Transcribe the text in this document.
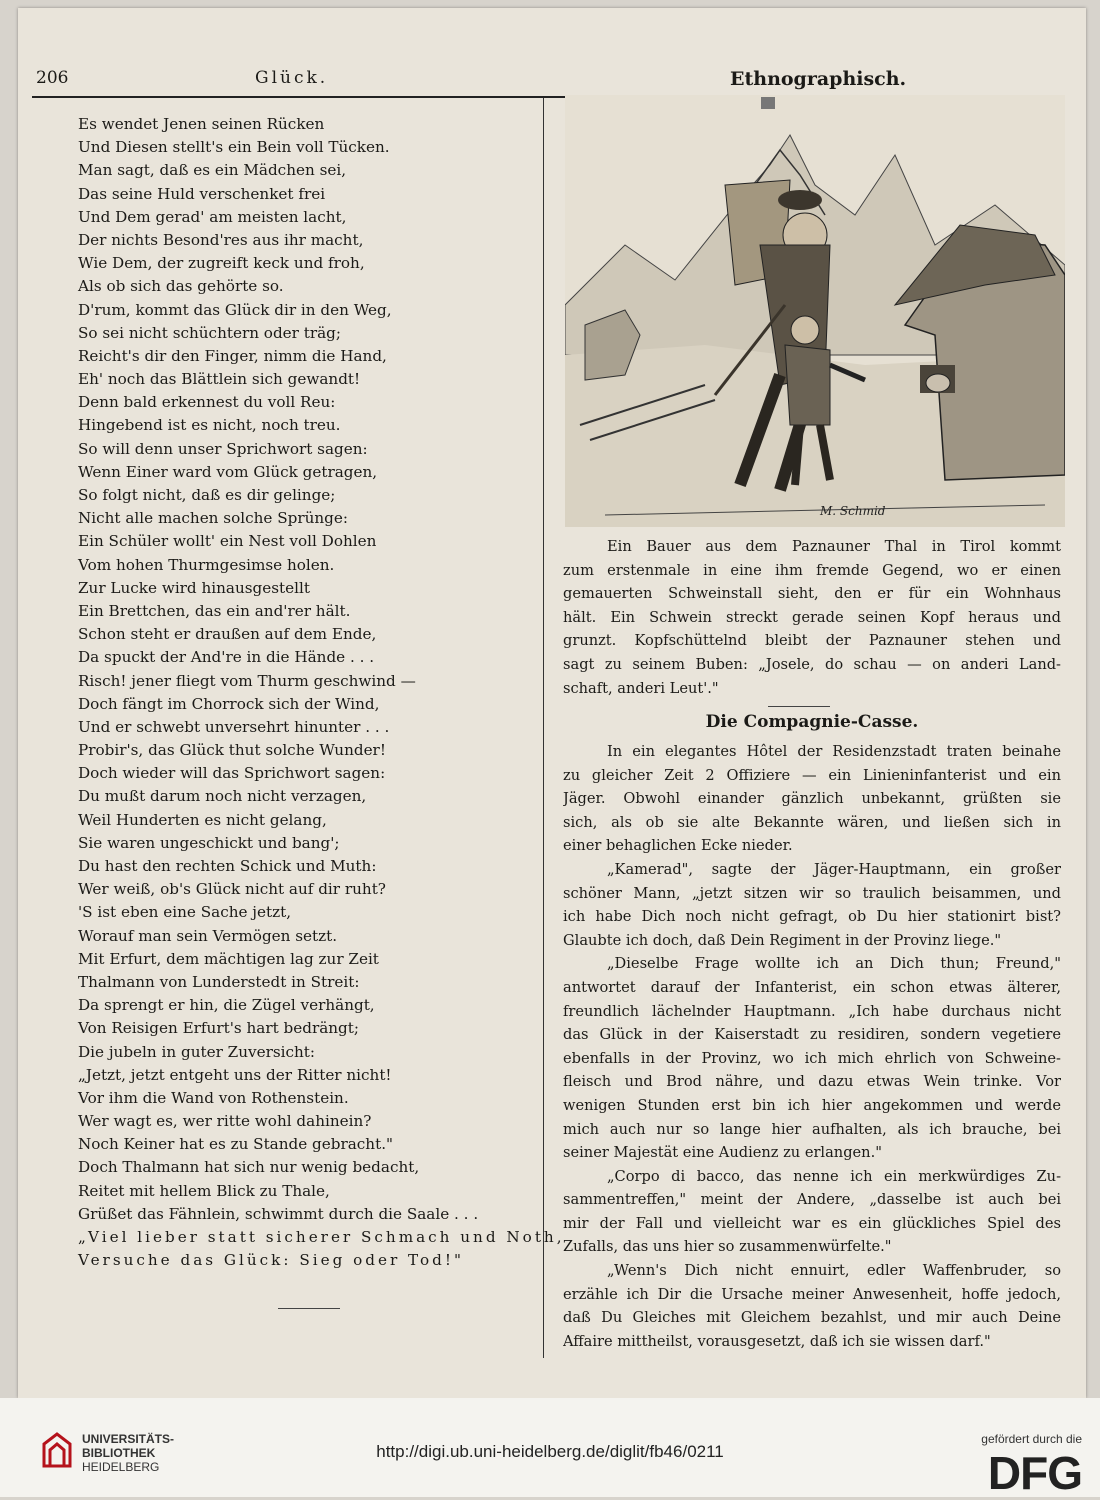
206	Glück.	Ethnographisch.
Es wendet Jenen seinen Rücken
Und Diesen stellt's ein Bein voll Tücken.
Man sagt, daß es ein Mädchen sei,
Das seine Huld verschenket frei
Und Dem gerad' am meisten lacht,
Der nichts Besond'res aus ihr macht,
Wie Dem, der zugreift keck und froh,
Als ob sich das gehörte so.
D'rum, kommt das Glück dir in den Weg,
So sei nicht schüchtern oder träg;
Reicht's dir den Finger, nimm die Hand,
Eh' noch das Blättlein sich gewandt!
Denn bald erkennest du voll Reu:
Hingebend ist es nicht, noch treu.
So will denn unser Sprichwort sagen:
Wenn Einer ward vom Glück getragen,
So folgt nicht, daß es dir gelinge;
Nicht alle machen solche Sprünge:
Ein Schüler wollt' ein Nest voll Dohlen
Vom hohen Thurmgesimse holen.
Zur Lucke wird hinausgestellt
Ein Brettchen, das ein and'rer hält.
Schon steht er draußen auf dem Ende,
Da spuckt der And're in die Hände . . .
Risch! jener fliegt vom Thurm geschwind —
Doch fängt im Chorrock sich der Wind,
Und er schwebt unversehrt hinunter . . .
Probir's, das Glück thut solche Wunder!
Doch wieder will das Sprichwort sagen:
Du mußt darum noch nicht verzagen,
Weil Hunderten es nicht gelang,
Sie waren ungeschickt und bang';
Du hast den rechten Schick und Muth:
Wer weiß, ob's Glück nicht auf dir ruht?
'S ist eben eine Sache jetzt,
Worauf man sein Vermögen setzt.
Mit Erfurt, dem mächtigen lag zur Zeit
Thalmann von Lunderstedt in Streit:
Da sprengt er hin, die Zügel verhängt,
Von Reisigen Erfurt's hart bedrängt;
Die jubeln in guter Zuversicht:
„Jetzt, jetzt entgeht uns der Ritter nicht!
Vor ihm die Wand von Rothenstein.
Wer wagt es, wer ritte wohl dahinein?
Noch Keiner hat es zu Stande gebracht."
Doch Thalmann hat sich nur wenig bedacht,
Reitet mit hellem Blick zu Thale,
Grüßet das Fähnlein, schwimmt durch die Saale . . .
„Viel lieber statt sicherer Schmach und Noth,
Versuche das Glück: Sieg oder Tod!"
M. Schmid
Ein Bauer aus dem Paznauner Thal in Tirol kommt
zum erstenmale in eine ihm fremde Gegend, wo er einen
gemauerten Schweinstall sieht, den er für ein Wohnhaus
hält. Ein Schwein streckt gerade seinen Kopf heraus und
grunzt. Kopfschüttelnd bleibt der Paznauner stehen und
sagt zu seinem Buben: „Josele, do schau — on anderi Land-
schaft, anderi Leut'."
Die Compagnie-Casse.
In ein elegantes Hôtel der Residenzstadt traten beinahe
zu gleicher Zeit 2 Offiziere — ein Linieninfanterist und ein
Jäger. Obwohl einander gänzlich unbekannt, grüßten sie
sich, als ob sie alte Bekannte wären, und ließen sich in
einer behaglichen Ecke nieder.
„Kamerad", sagte der Jäger-Hauptmann, ein großer
schöner Mann, „jetzt sitzen wir so traulich beisammen, und
ich habe Dich noch nicht gefragt, ob Du hier stationirt bist?
Glaubte ich doch, daß Dein Regiment in der Provinz liege."
„Dieselbe Frage wollte ich an Dich thun; Freund,"
antwortet darauf der Infanterist, ein schon etwas älterer,
freundlich lächelnder Hauptmann. „Ich habe durchaus nicht
das Glück in der Kaiserstadt zu residiren, sondern vegetiere
ebenfalls in der Provinz, wo ich mich ehrlich von Schweine-
fleisch und Brod nähre, und dazu etwas Wein trinke. Vor
wenigen Stunden erst bin ich hier angekommen und werde
mich auch nur so lange hier aufhalten, als ich brauche, bei
seiner Majestät eine Audienz zu erlangen."
„Corpo di bacco, das nenne ich ein merkwürdiges Zu-
sammentreffen," meint der Andere, „dasselbe ist auch bei
mir der Fall und vielleicht war es ein glückliches Spiel des
Zufalls, das uns hier so zusammenwürfelte."
„Wenn's Dich nicht ennuirt, edler Waffenbruder, so
erzähle ich Dir die Ursache meiner Anwesenheit, hoffe jedoch,
daß Du Gleiches mit Gleichem bezahlst, und mir auch Deine
Affaire mittheilst, vorausgesetzt, daß ich sie wissen darf."
UNIVERSITÄTS-
BIBLIOTHEK
HEIDELBERG
http://digi.ub.uni-heidelberg.de/diglit/fb46/0211
gefördert durch die
DFG
